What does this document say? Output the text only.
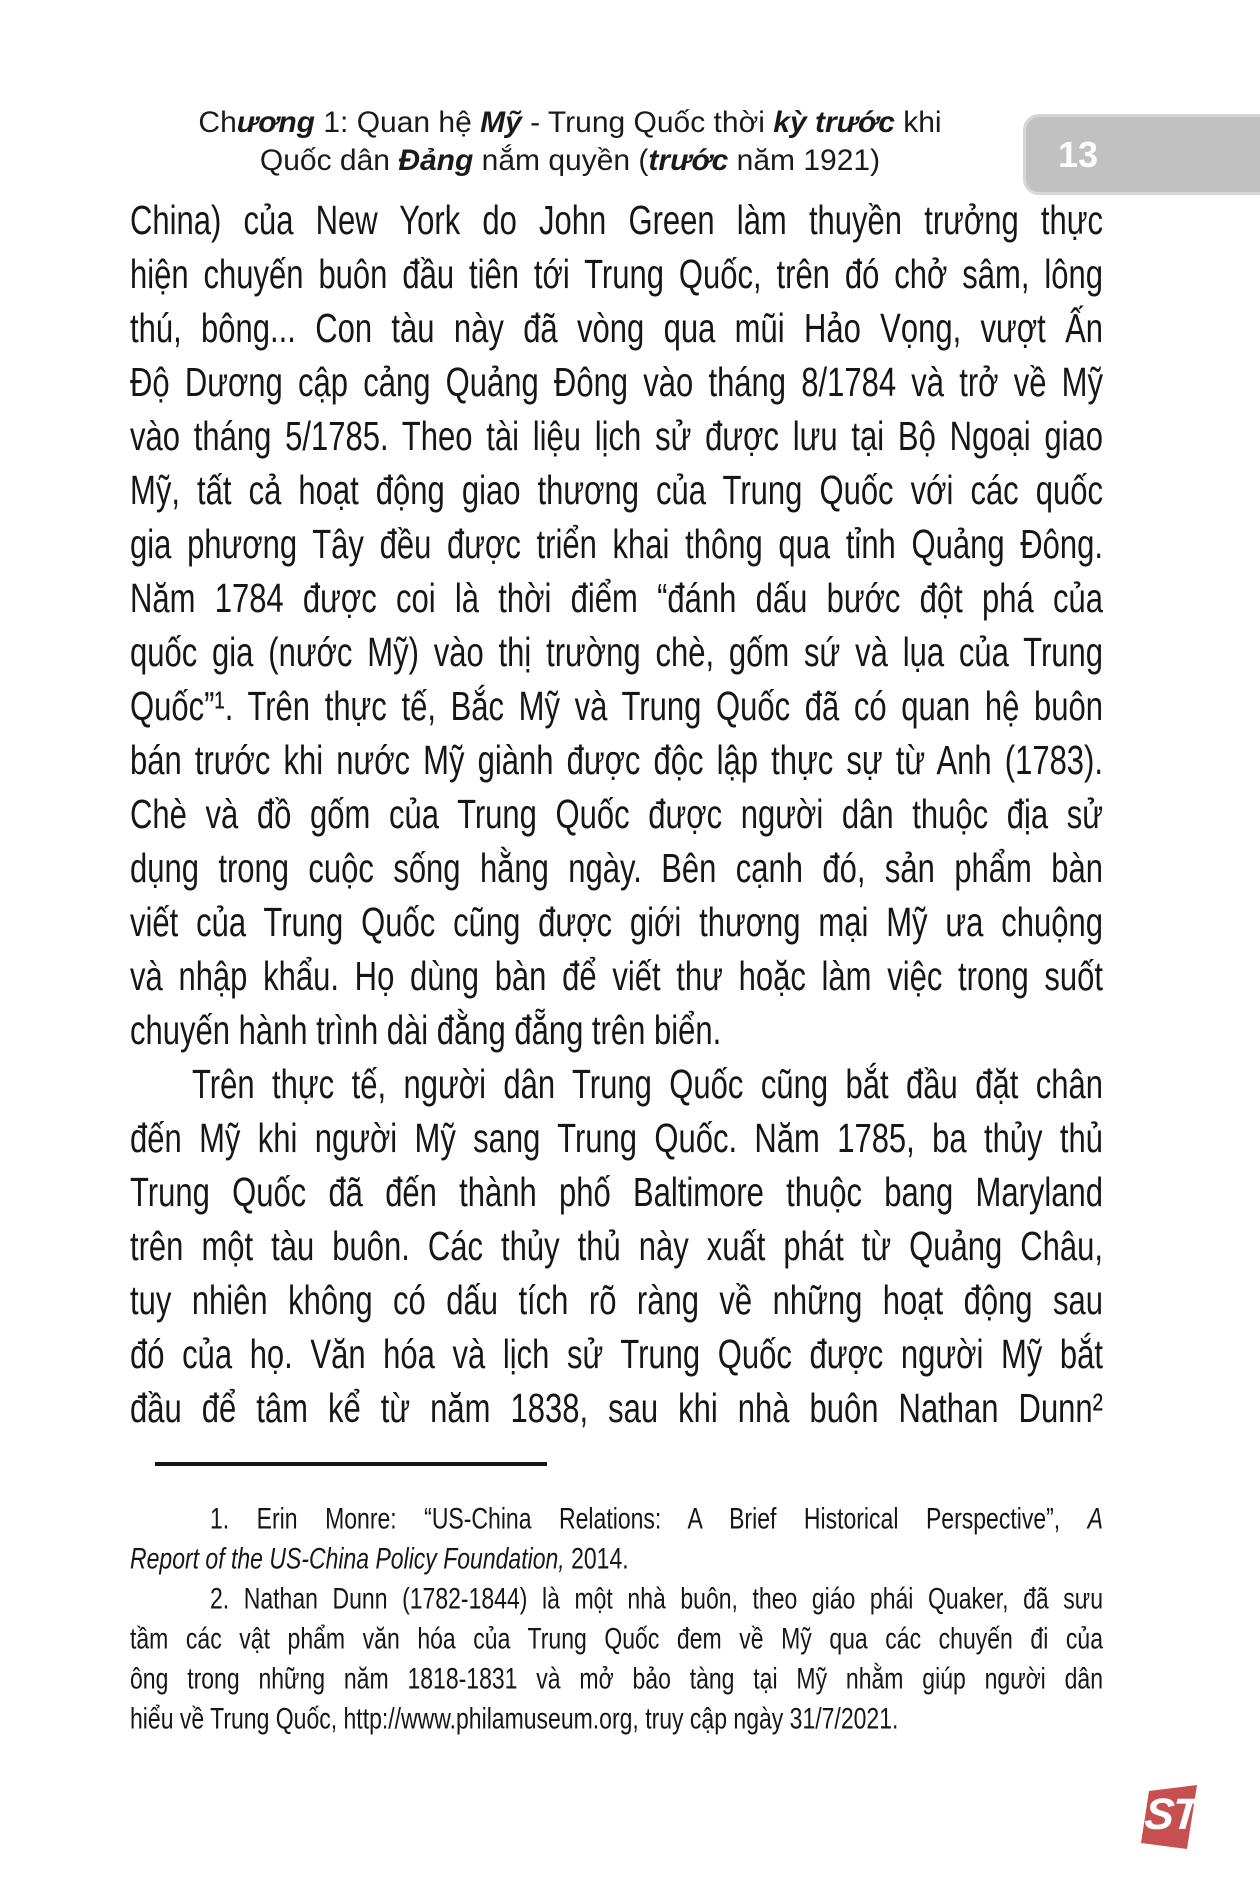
Chương 1: Quan hệ Mỹ - Trung Quốc thời kỳ trước khi
Quốc dân Đảng nắm quyền (trước năm 1921)	13
China) của New York do John Green làm thuyền trưởng thực
hiện chuyến buôn đầu tiên tới Trung Quốc, trên đó chở sâm, lông
thú, bông... Con tàu này đã vòng qua mũi Hảo Vọng, vượt Ấn
Độ Dương cập cảng Quảng Đông vào tháng 8/1784 và trở về Mỹ
vào tháng 5/1785. Theo tài liệu lịch sử được lưu tại Bộ Ngoại giao
Mỹ, tất cả hoạt động giao thương của Trung Quốc với các quốc
gia phương Tây đều được triển khai thông qua tỉnh Quảng Đông.
Năm 1784 được coi là thời điểm “đánh dấu bước đột phá của
quốc gia (nước Mỹ) vào thị trường chè, gốm sứ và lụa của Trung
Quốc”¹. Trên thực tế, Bắc Mỹ và Trung Quốc đã có quan hệ buôn
bán trước khi nước Mỹ giành được độc lập thực sự từ Anh (1783).
Chè và đồ gốm của Trung Quốc được người dân thuộc địa sử
dụng trong cuộc sống hằng ngày. Bên cạnh đó, sản phẩm bàn
viết của Trung Quốc cũng được giới thương mại Mỹ ưa chuộng
và nhập khẩu. Họ dùng bàn để viết thư hoặc làm việc trong suốt
chuyến hành trình dài đằng đẵng trên biển.
Trên thực tế, người dân Trung Quốc cũng bắt đầu đặt chân
đến Mỹ khi người Mỹ sang Trung Quốc. Năm 1785, ba thủy thủ
Trung Quốc đã đến thành phố Baltimore thuộc bang Maryland
trên một tàu buôn. Các thủy thủ này xuất phát từ Quảng Châu,
tuy nhiên không có dấu tích rõ ràng về những hoạt động sau
đó của họ. Văn hóa và lịch sử Trung Quốc được người Mỹ bắt
đầu để tâm kể từ năm 1838, sau khi nhà buôn Nathan Dunn²
1. Erin Monre: “US-China Relations: A Brief Historical Perspective”, A
Report of the US-China Policy Foundation, 2014.
2. Nathan Dunn (1782-1844) là một nhà buôn, theo giáo phái Quaker, đã sưu
tầm các vật phẩm văn hóa của Trung Quốc đem về Mỹ qua các chuyến đi của
ông trong những năm 1818-1831 và mở bảo tàng tại Mỹ nhằm giúp người dân
hiểu về Trung Quốc, http://www.philamuseum.org, truy cập ngày 31/7/2021.
ST
